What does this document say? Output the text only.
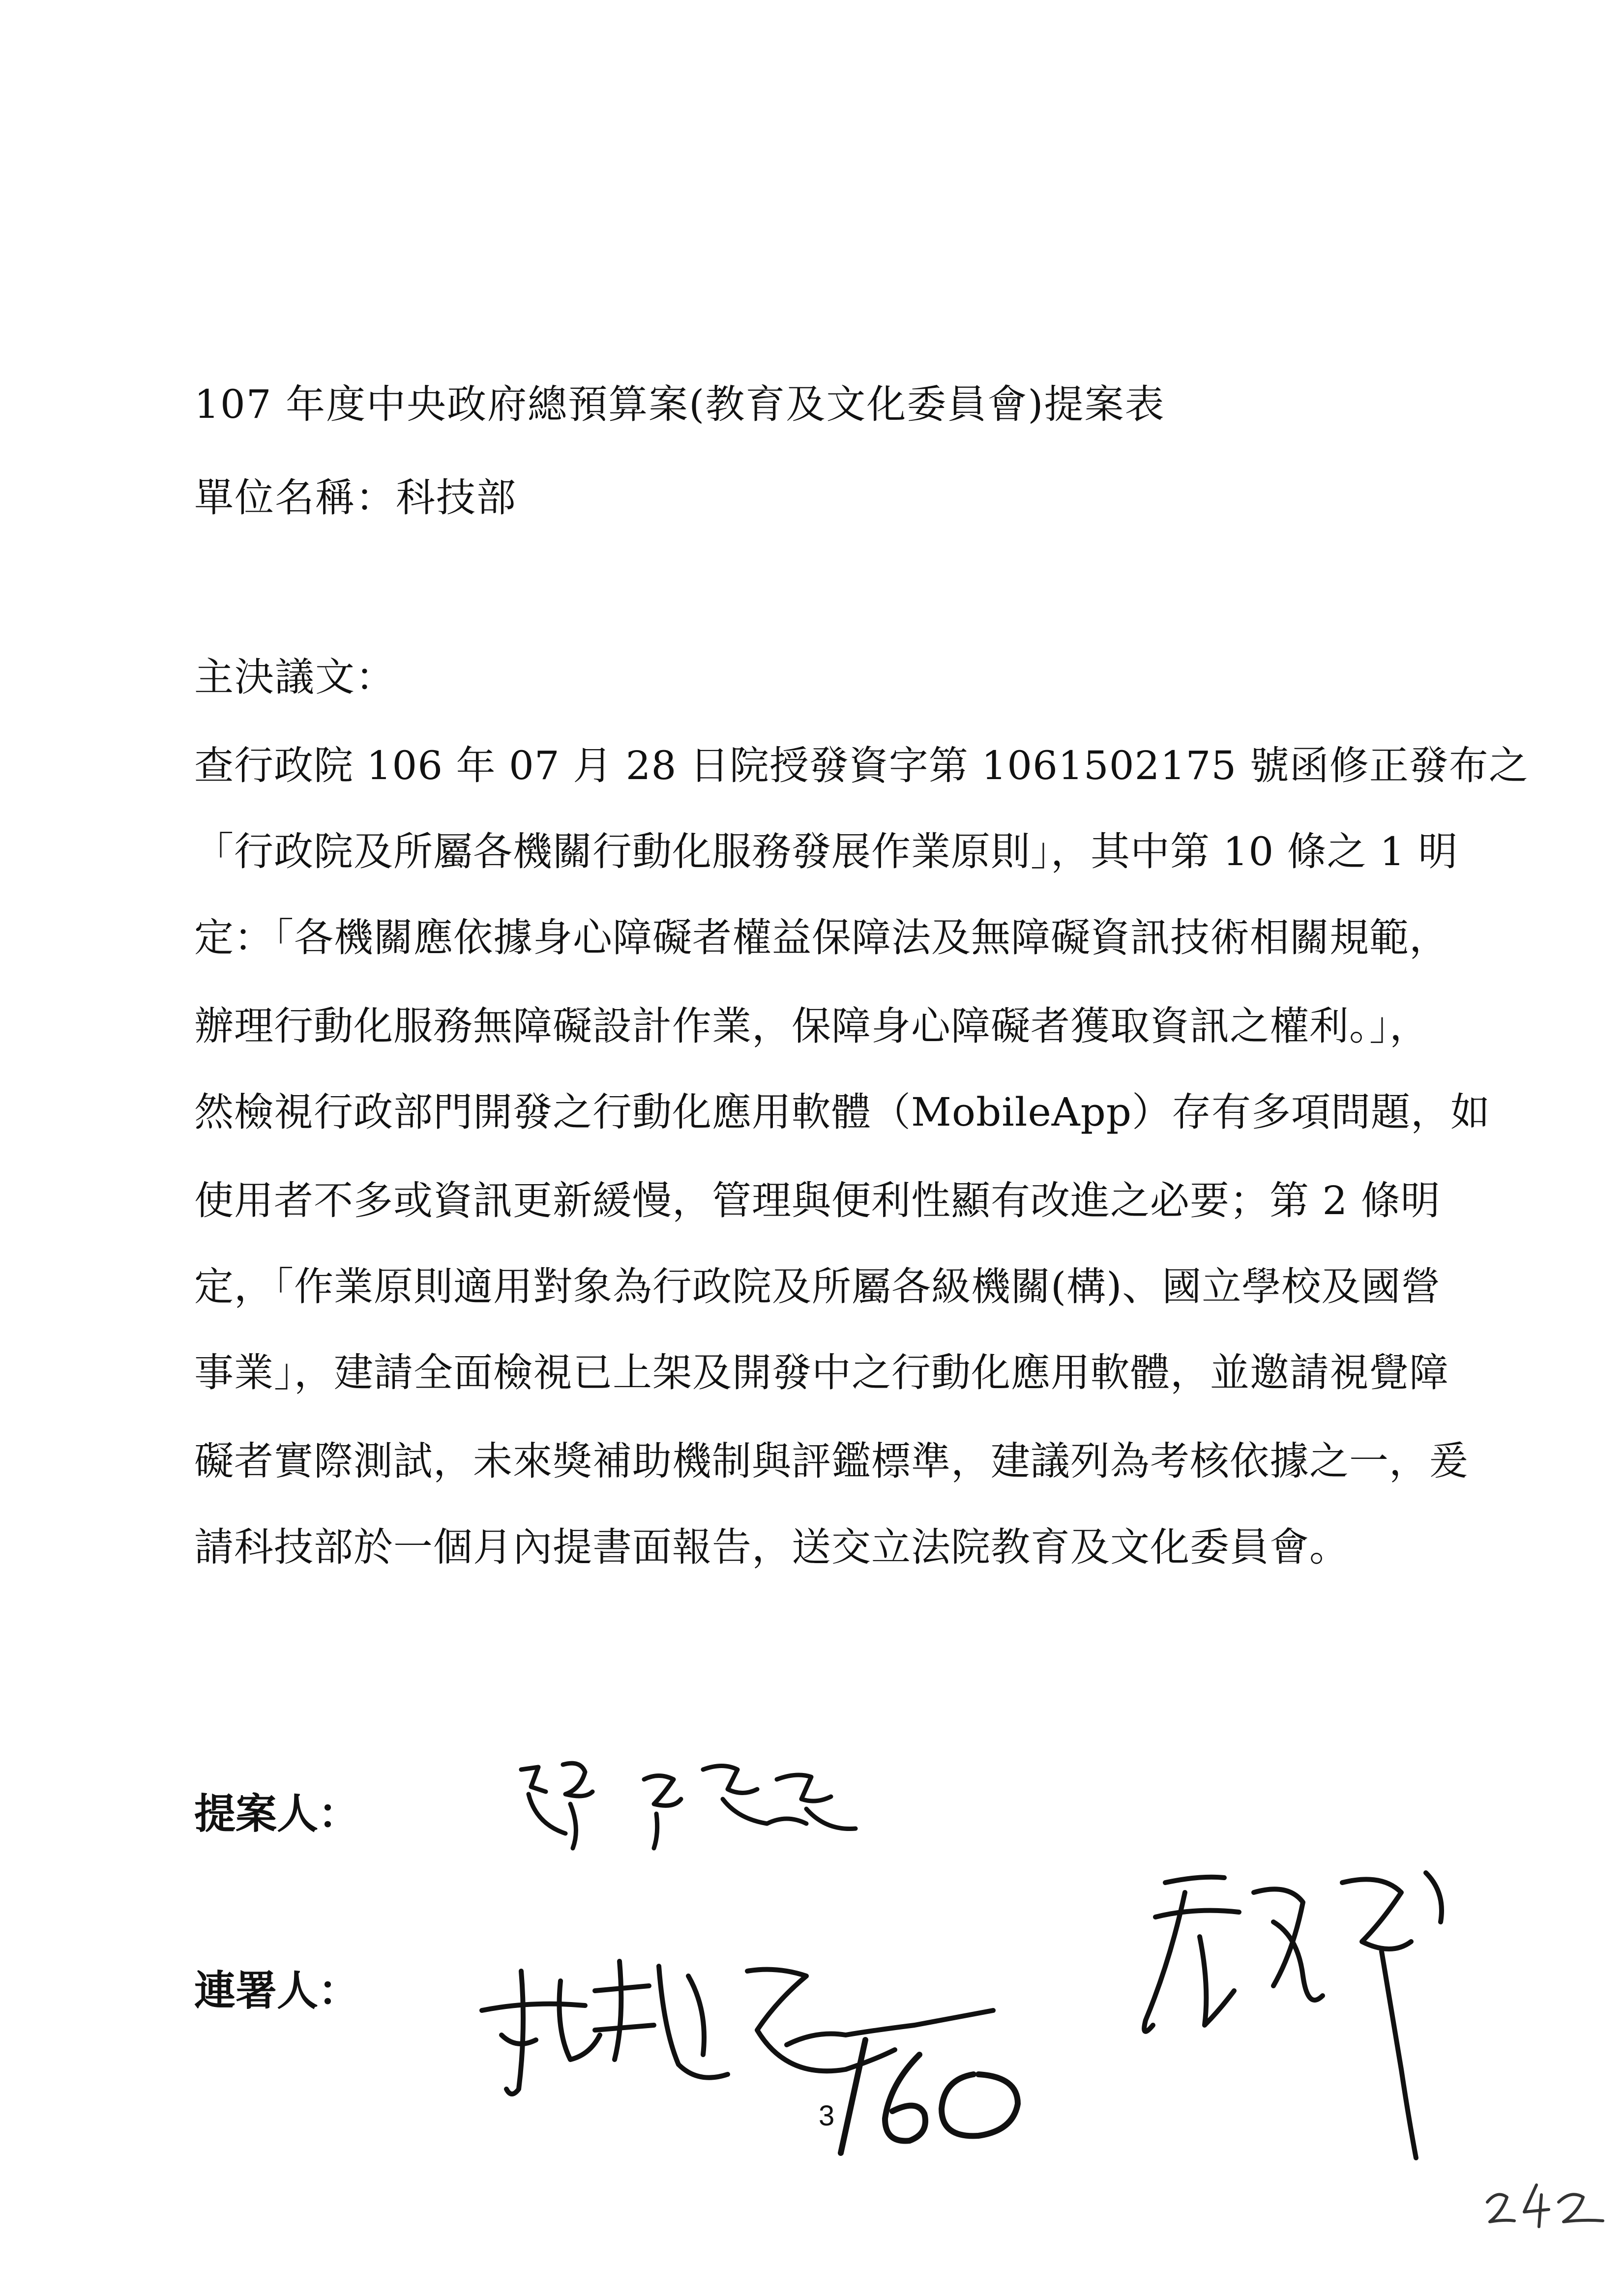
107 年度中央政府總預算案(教育及文化委員會)提案表
單位名稱：科技部
主決議文：
查行政院 106 年 07 月 28 日院授發資字第 1061502175 號函修正發布之
「行政院及所屬各機關行動化服務發展作業原則」，其中第 10 條之 1 明
定：「各機關應依據身心障礙者權益保障法及無障礙資訊技術相關規範，
辦理行動化服務無障礙設計作業，保障身心障礙者獲取資訊之權利。」，
然檢視行政部門開發之行動化應用軟體（MobileApp）存有多項問題，如
使用者不多或資訊更新緩慢，管理與便利性顯有改進之必要；第 2 條明
定，「作業原則適用對象為行政院及所屬各級機關(構)、國立學校及國營
事業」，建請全面檢視已上架及開發中之行動化應用軟體，並邀請視覺障
礙者實際測試，未來獎補助機制與評鑑標準，建議列為考核依據之一，爰
請科技部於一個月內提書面報告，送交立法院教育及文化委員會。
提案人：
連署人：
3
